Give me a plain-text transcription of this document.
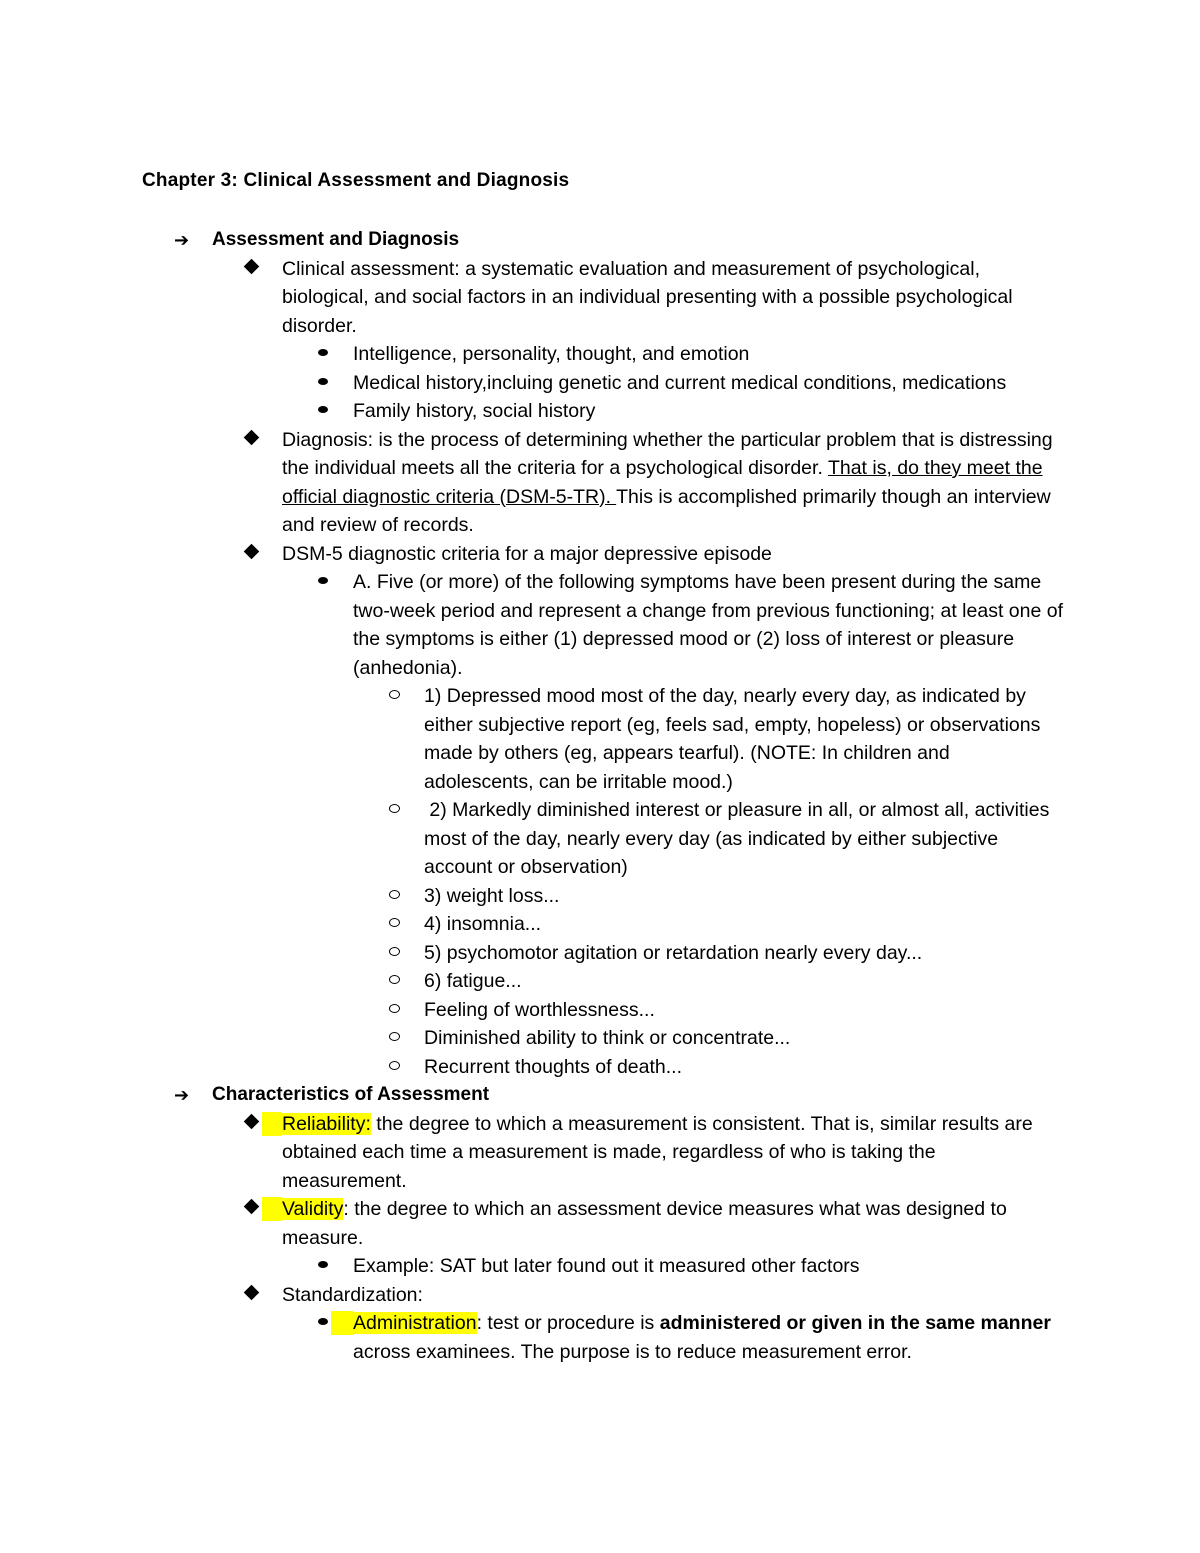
Chapter 3: Clinical Assessment and Diagnosis
➔ Assessment and Diagnosis
Clinical assessment: a systematic evaluation and measurement of psychological, biological, and social factors in an individual presenting with a possible psychological disorder.
Intelligence, personality, thought, and emotion
Medical history,incluing genetic and current medical conditions, medications
Family history, social history
Diagnosis: is the process of determining whether the particular problem that is distressing the individual meets all the criteria for a psychological disorder. That is, do they meet the official diagnostic criteria (DSM-5-TR). This is accomplished primarily though an interview and review of records.
DSM-5 diagnostic criteria for a major depressive episode
A. Five (or more) of the following symptoms have been present during the same two-week period and represent a change from previous functioning; at least one of the symptoms is either (1) depressed mood or (2) loss of interest or pleasure (anhedonia).
1) Depressed mood most of the day, nearly every day, as indicated by either subjective report (eg, feels sad, empty, hopeless) or observations made by others (eg, appears tearful). (NOTE: In children and adolescents, can be irritable mood.)
2) Markedly diminished interest or pleasure in all, or almost all, activities most of the day, nearly every day (as indicated by either subjective account or observation)
3) weight loss...
4) insomnia...
5) psychomotor agitation or retardation nearly every day...
6) fatigue...
Feeling of worthlessness...
Diminished ability to think or concentrate...
Recurrent thoughts of death...
➔ Characteristics of Assessment
Reliability: the degree to which a measurement is consistent. That is, similar results are obtained each time a measurement is made, regardless of who is taking the measurement.
Validity: the degree to which an assessment device measures what was designed to measure.
Example: SAT but later found out it measured other factors
Standardization:
Administration: test or procedure is administered or given in the same manner across examinees. The purpose is to reduce measurement error.
